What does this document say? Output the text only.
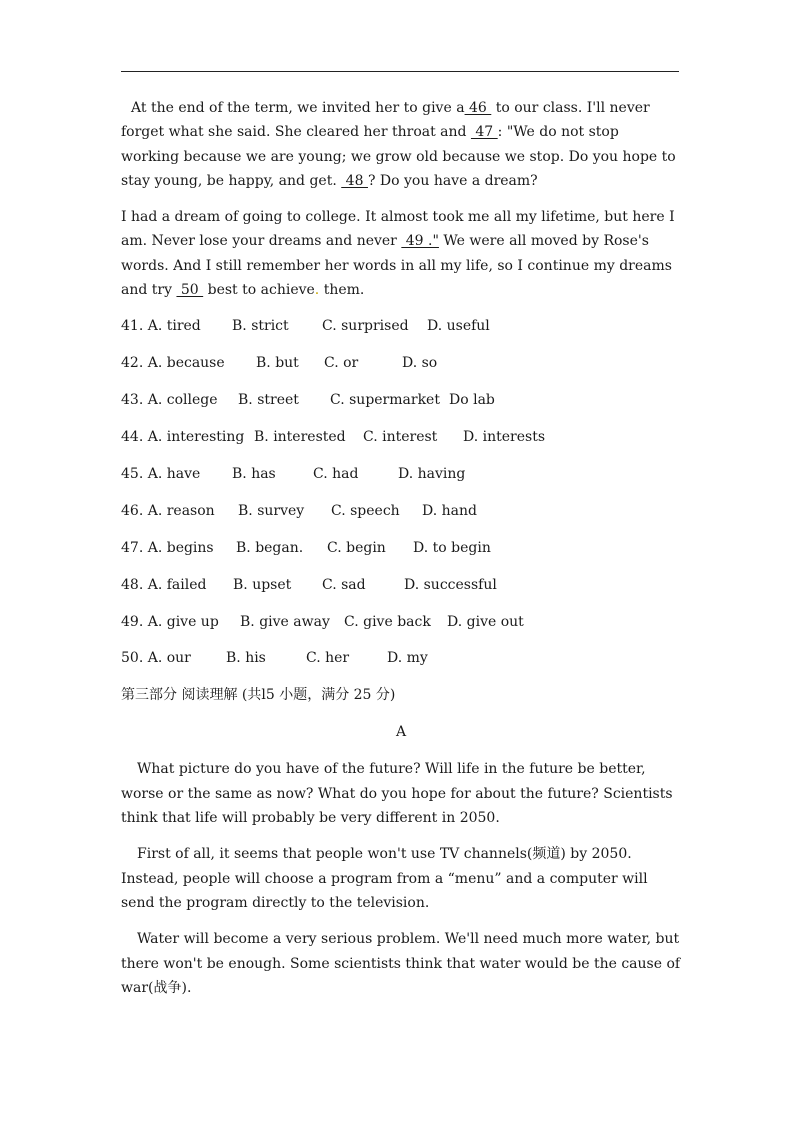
At the end of the term, we invited her to give a 46  to our class. I'll never forget what she said. She cleared her throat and  47 : "We do not stop working because we are young; we grow old because we stop. Do you hope to stay young, be happy, and get.  48 ? Do you have a dream?

I had a dream of going to college. It almost took me all my lifetime, but here I am. Never lose your dreams and never  49 ." We were all moved by Rose's words. And I still remember her words in all my life, so I continue my dreams and try  50  best to achieve. them.

41. A. tired B. strict C. surprised D. useful
42. A. because B. but C. or	D. so
43. A. college B. street C. supermarket Do lab
44. A. interesting B. interested C. interest D. interests
45. A. have B. has	C. had	D. having
46. A. reason B. survey C. speech D. hand
47. A. begins B. began. C. begin D. to begin
48. A. failed B. upset C. sad	D. successful
49. A. give up B. give away C. give back D. give out
50. A. our	B. his	C. her	D. my
第三部分 阅读理解 (共l5 小题，满分 25 分)
A

What picture do you have of the future? Will life in the future be better, worse or the same as now? What do you hope for about the future? Scientists think that life will probably be very different in 2050.

First of all, it seems that people won't use TV channels(频道) by 2050. Instead, people will choose a program from a “menu” and a computer will send the program directly to the television.

Water will become a very serious problem. We'll need much more water, but there won't be enough. Some scientists think that water would be the cause of war(战争).
